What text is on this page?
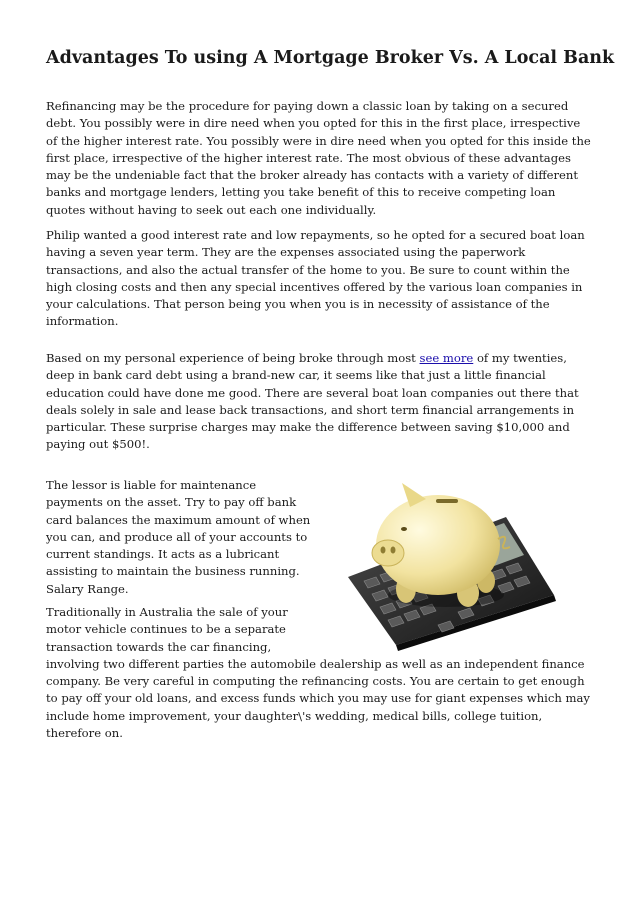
Advantages To using A Mortgage Broker Vs. A Local Bank

Refinancing may be the procedure for paying down a classic loan by taking on a secured debt. You possibly were in dire need when you opted for this in the first place, irrespective of the higher interest rate. You possibly were in dire need when you opted for this inside the first place, irrespective of the higher interest rate. The most obvious of these advantages may be the undeniable fact that the broker already has contacts with a variety of different banks and mortgage lenders, letting you take benefit of this to receive competing loan quotes without having to seek out each one individually.

Philip wanted a good interest rate and low repayments, so he opted for a secured boat loan having a seven year term. They are the expenses associated using the paperwork transactions, and also the actual transfer of the home to you. Be sure to count within the high closing costs and then any special incentives offered by the various loan companies in your calculations. That person being you when you is in necessity of assistance of the information.

Based on my personal experience of being broke through most see more of my twenties, deep in bank card debt using a brand-new car, it seems like that just a little financial education could have done me good. There are several boat loan companies out there that deals solely in sale and lease back transactions, and short term financial arrangements in particular. These surprise charges may make the difference between saving $10,000 and paying out $500!.

The lessor is liable for maintenance payments on the asset. Try to pay off bank card balances the maximum amount of when you can, and produce all of your accounts to current standings. It acts as a lubricant assisting to maintain the business running. Salary Range.

Traditionally in Australia the sale of your motor vehicle continues to be a separate transaction towards the car financing, involving two different parties the automobile dealership as well as an independent finance company. Be very careful in computing the refinancing costs. You are certain to get enough to pay off your old loans, and excess funds which you may use for giant expenses which may include home improvement, your daughter\'s wedding, medical bills, college tuition, therefore on.
